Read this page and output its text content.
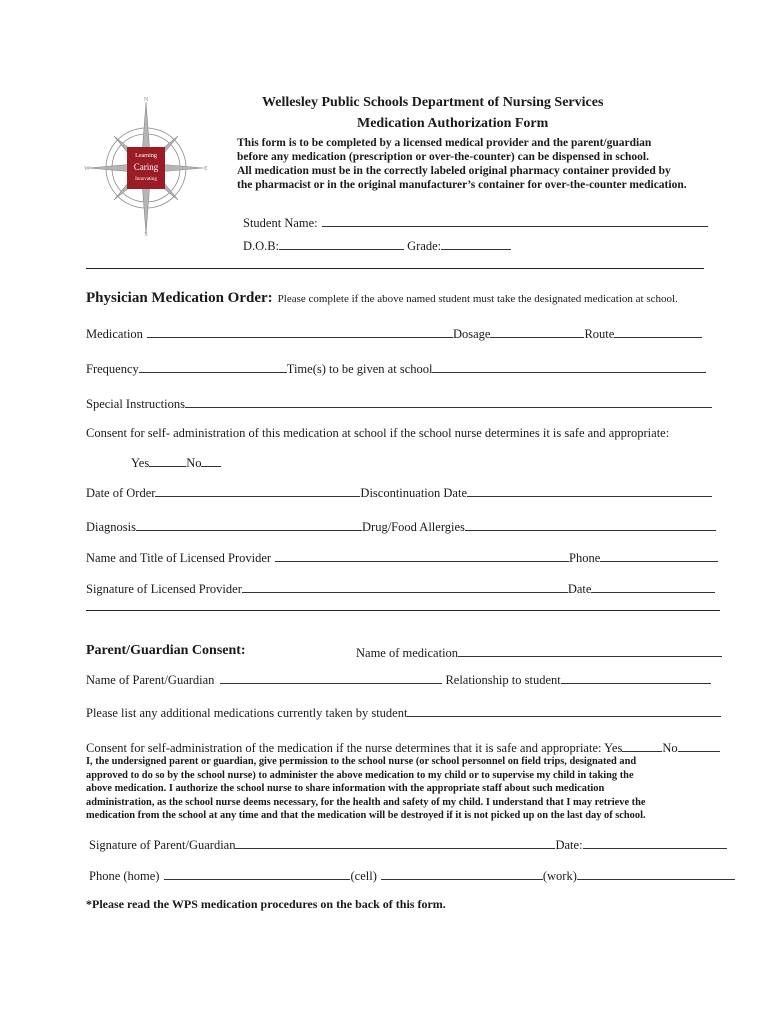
Learning
Caring
Innovating
N
S
E
W
Wellesley Public Schools Department of Nursing Services
Medication Authorization Form
This form is to be completed by a licensed medical provider and the parent/guardian
before any medication (prescription or over-the-counter) can be dispensed in school.
All medication must be in the correctly labeled original pharmacy container provided by
the pharmacist or in the original manufacturer’s container for over-the-counter medication.
Student Name:
D.O.B:	Grade:
Physician Medication Order : Please complete if the above named student must take the designated medication at school.
Medication	Dosage	Route
Frequency	Time(s) to be given at school
Special Instructions
Consent for self- administration of this medication at school if the school nurse determines it is safe and appropriate:
Yes	No
Date of Order	Discontinuation Date
Diagnosis	Drug/Food Allergies
Name and Title of Licensed Provider	Phone
Signature of Licensed Provider	Date
Parent/Guardian Consent:	Name of medication
Name of Parent/Guardian	Relationship to student
Please list any additional medications currently taken by student
Consent for self-administration of the medication if the nurse determines that it is safe and appropriate: Yes	No
I, the undersigned parent or guardian, give permission to the school nurse (or school personnel on field trips, designated and
approved to do so by the school nurse) to administer the above medication to my child or to supervise my child in taking the
above medication. I authorize the school nurse to share information with the appropriate staff about such medication
administration, as the school nurse deems necessary, for the health and safety of my child. I understand that I may retrieve the
medication from the school at any time and that the medication will be destroyed if it is not picked up on the last day of school.
Signature of Parent/Guardian	Date:
Phone (home)	(cell)	(work)
*Please read the WPS medication procedures on the back of this form.
